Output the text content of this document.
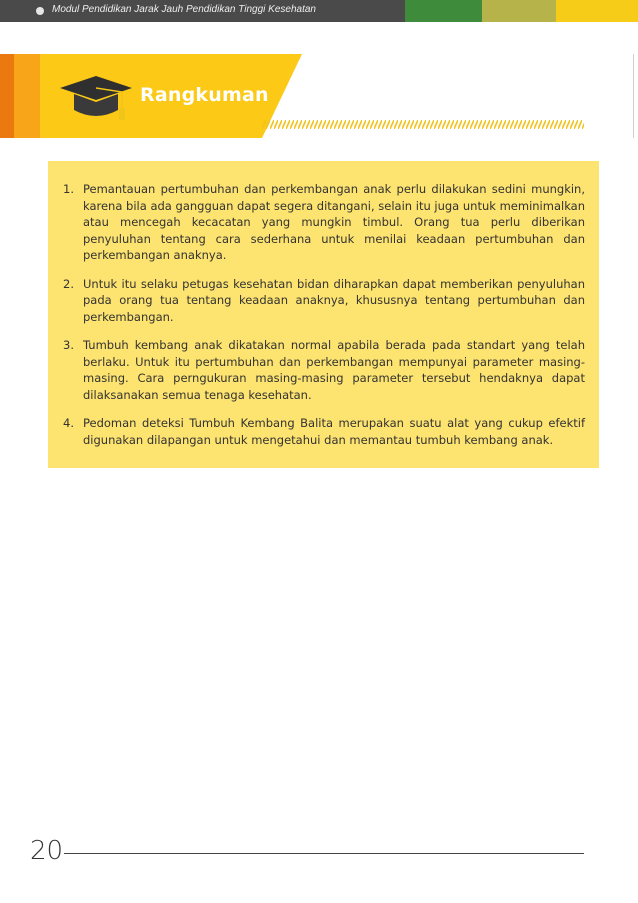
Modul Pendidikan Jarak Jauh Pendidikan Tinggi Kesehatan
Rangkuman
1. Pemantauan pertumbuhan dan perkembangan anak perlu dilakukan sedini mungkin, karena bila ada gangguan dapat segera ditangani, selain itu juga untuk meminimalkan atau mencegah kecacatan yang mungkin timbul. Orang tua perlu diberikan penyuluhan tentang cara sederhana untuk menilai keadaan pertumbuhan dan perkembangan anaknya.
2. Untuk itu selaku petugas kesehatan bidan diharapkan dapat memberikan penyuluhan pada orang tua tentang keadaan anaknya, khususnya tentang pertumbuhan dan perkembangan.
3. Tumbuh kembang anak dikatakan normal apabila berada pada standart yang telah berlaku. Untuk itu pertumbuhan dan perkembangan mempunyai parameter masing-masing. Cara perngukuran masing-masing parameter tersebut hendaknya dapat dilaksanakan semua tenaga kesehatan.
4. Pedoman deteksi Tumbuh Kembang Balita merupakan suatu alat yang cukup efektif digunakan dilapangan untuk mengetahui dan memantau tumbuh kembang anak.
20
